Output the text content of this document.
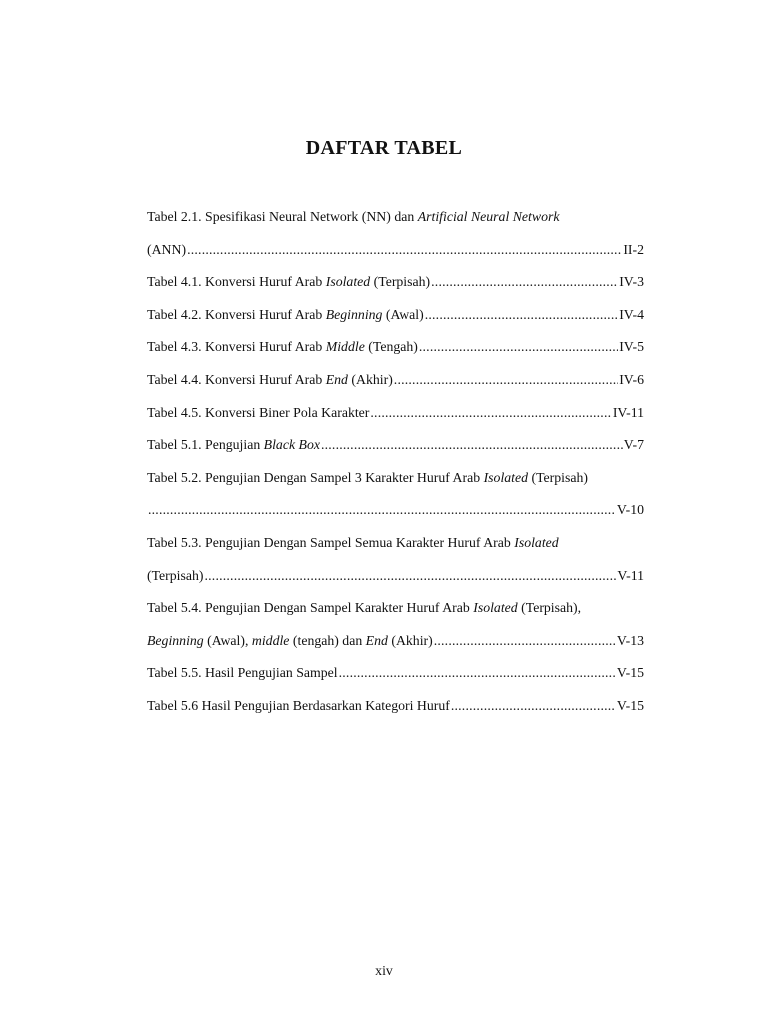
DAFTAR TABEL
Tabel 2.1. Spesifikasi Neural Network (NN) dan Artificial Neural Network
(ANN) .....	II-2
Tabel 4.1. Konversi Huruf Arab Isolated (Terpisah) .....	IV-3
Tabel 4.2. Konversi Huruf Arab Beginning (Awal) .....	IV-4
Tabel 4.3. Konversi Huruf Arab Middle (Tengah) .....	IV-5
Tabel 4.4. Konversi Huruf Arab End (Akhir) .....	IV-6
Tabel 4.5. Konversi Biner Pola Karakter .....	IV-11
Tabel 5.1. Pengujian Black Box .....	V-7
Tabel 5.2. Pengujian Dengan Sampel 3 Karakter Huruf Arab Isolated (Terpisah)
.....
V-10
Tabel 5.3. Pengujian Dengan Sampel Semua Karakter Huruf Arab Isolated
(Terpisah) .....	V-11
Tabel 5.4. Pengujian Dengan Sampel Karakter Huruf Arab Isolated (Terpisah),
Beginning (Awal), middle (tengah) dan End (Akhir) .....	V-13
Tabel 5.5. Hasil Pengujian Sampel .....	V-15
Tabel 5.6 Hasil Pengujian Berdasarkan Kategori Huruf .....	V-15
xiv
